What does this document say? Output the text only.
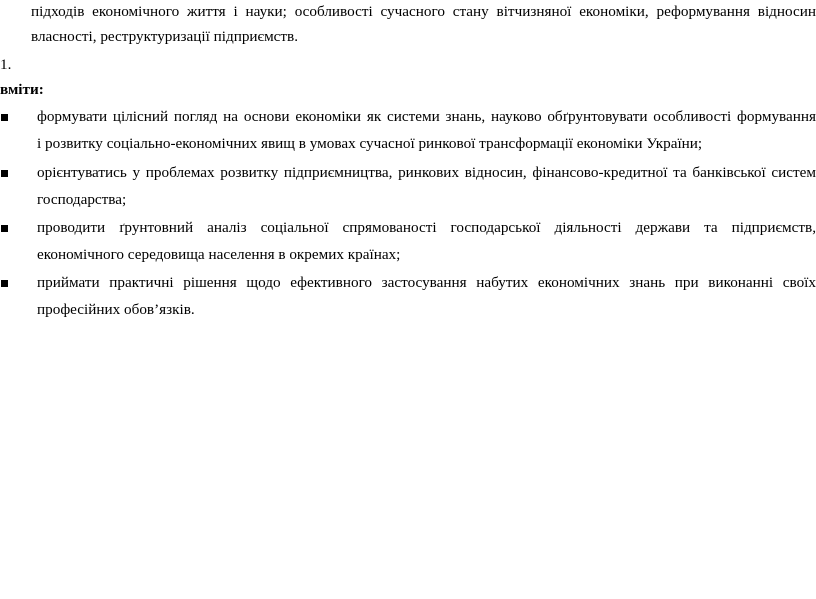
підходів економічного життя і науки; особливості сучасного стану вітчизняної економіки, реформування відносин
власності, реструктуризації підприємств.
1.
вміти:
формувати цілісний погляд на основи економіки як системи знань, науково обґрунтовувати особливості формування
і розвитку соціально-економічних явищ в умовах сучасної ринкової трансформації економіки України;
орієнтуватись у проблемах розвитку підприємництва, ринкових відносин, фінансово-кредитної та банківської систем
господарства;
проводити ґрунтовний аналіз соціальної спрямованості господарської діяльності держави та підприємств,
економічного середовища населення в окремих країнах;
приймати практичні рішення щодо ефективного застосування набутих економічних знань при виконанні своїх
професійних обов’язків.
